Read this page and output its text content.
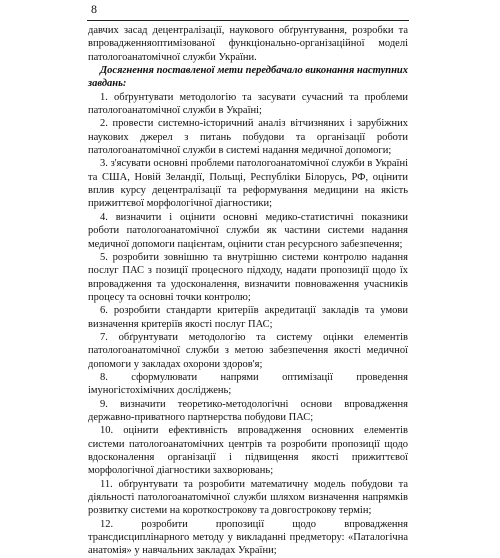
8

давчих засад децентралізації, наукового обґрунтування, розробки та впровадженняоптимізованої функціонально-організаційної моделі патологоанатомічної служби України.

Досягнення поставленої мети передбачало виконання наступних завдань:

1. обґрунтувати методологію та засувати сучасний та проблеми патологоанатомічної служби в Україні;

2. провести системно-історичний аналіз вітчизняних і зарубіжних наукових джерел з питань побудови та організації роботи патологоанатомічної служби в системі надання медичної допомоги;

3. з'ясувати основні проблеми патологоанатомічної служби в Україні та США, Новій Зеландії, Польщі, Республіки Білорусь, РФ, оцінити вплив курсу децентралізації та реформування медицини на якість прижиттєвої морфологічної діагностики;

4. визначити і оцінити основні медико-статистичні показники роботи патологоанатомічної служби як частини системи надання медичної допомоги пацієнтам, оцінити стан ресурсного забезпечення;

5. розробити зовнішню та внутрішню системи контролю надання послуг ПАС з позиції процесного підходу, надати пропозиції щодо їх впровадження та удосконалення, визначити повноваження учасників процесу та основні точки контролю;

6. розробити стандарти критеріїв акредитації закладів та умови визначення критеріїв якості послуг ПАС;

7. обґрунтувати методологію та систему оцінки елементів патологоанатомічної служби з метою забезпечення якості медичної допомоги у закладах охорони здоров'я;

8. сформулювати напрями оптимізації проведення імуногістохімічних досліджень;

9. визначити теоретико-методологічні основи впровадження державно-приватного партнерства побудови ПАС;

10. оцінити ефективність впровадження основних елементів системи патологоанатомічних центрів та розробити пропозиції щодо вдосконалення організації і підвищення якості прижиттєвої морфологічної діагностики захворювань;

11. обґрунтувати та розробити математичну модель побудови та діяльності патологоанатомічної служби шляхом визначення напрямків розвитку системи на короткострокову та довгострокову термін;

12. розробити пропозиції щодо впровадження трансдисциплінарного методу у викладанні предметору: «Паталогічна анатомія» у навчальних закладах України;
